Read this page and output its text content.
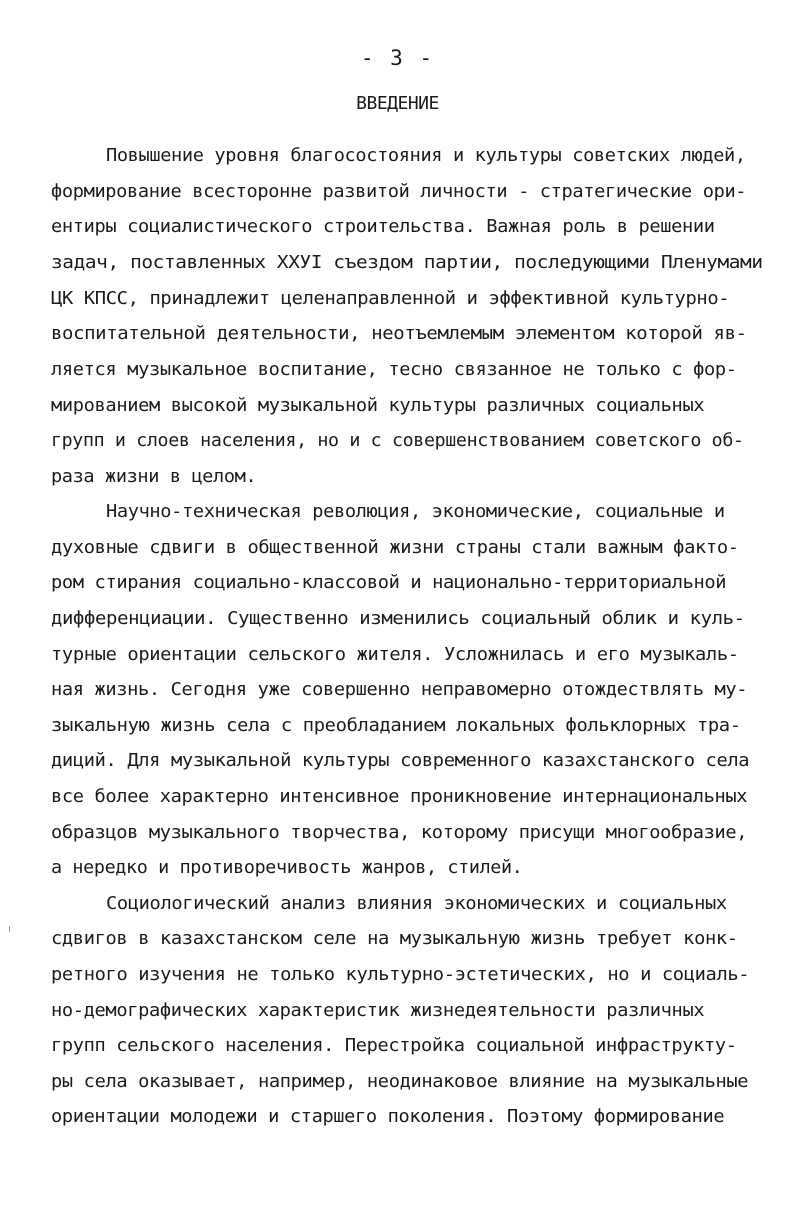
- 3 -
ВВЕДЕНИЕ
Повышение уровня благосостояния и культуры советских людей,
формирование всесторонне развитой личности - стратегические ори-
ентиры социалистического строительства. Важная роль в решении
задач, поставленных ХХУI съездом партии, последующими Пленумами
ЦК КПСС, принадлежит целенаправленной и эффективной культурно-
воспитательной деятельности, неотъемлемым элементом которой яв-
ляется музыкальное воспитание, тесно связанное не только с фор-
мированием высокой музыкальной культуры различных социальных
групп и слоев населения, но и с совершенствованием советского об-
раза жизни в целом.
Научно-техническая революция, экономические, социальные и
духовные сдвиги в общественной жизни страны стали важным факто-
ром стирания социально-классовой и национально-территориальной
дифференциации. Существенно изменились социальный облик и куль-
турные ориентации сельского жителя. Усложнилась и его музыкаль-
ная жизнь. Сегодня уже совершенно неправомерно отождествлять му-
зыкальную жизнь села с преобладанием локальных фольклорных тра-
диций. Для музыкальной культуры современного казахстанского села
все более характерно интенсивное проникновение интернациональных
образцов музыкального творчества, которому присущи многообразие,
а нередко и противоречивость жанров, стилей.
Социологический анализ влияния экономических и социальных
сдвигов в казахстанском селе на музыкальную жизнь требует конк-
ретного изучения не только культурно-эстетических, но и социаль-
но-демографических характеристик жизнедеятельности различных
групп сельского населения. Перестройка социальной инфраструкту-
ры села оказывает, например, неодинаковое влияние на музыкальные
ориентации молодежи и старшего поколения. Поэтому формирование
